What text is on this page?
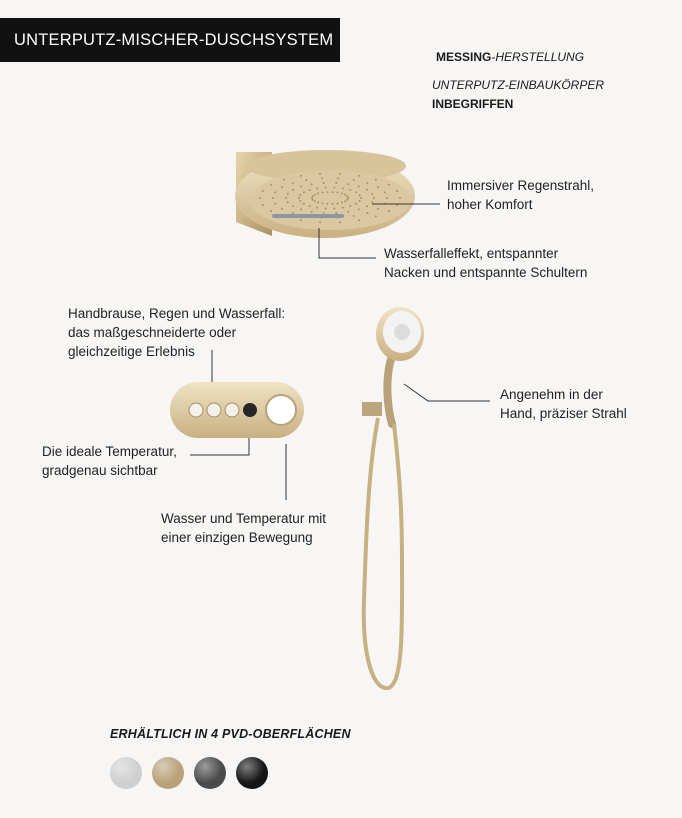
UNTERPUTZ-MISCHER-DUSCHSYSTEM
MESSING-HERSTELLUNG
UNTERPUTZ-EINBAUKÖRPER
INBEGRIFFEN
Immersiver Regenstrahl,
hoher Komfort
Wasserfalleffekt, entspannter
Nacken und entspannte Schultern
Handbrause, Regen und Wasserfall:
das maßgeschneiderte oder
gleichzeitige Erlebnis
Die ideale Temperatur,
gradgenau sichtbar
Wasser und Temperatur mit
einer einzigen Bewegung
Angenehm in der
Hand, präziser Strahl
ERHÄLTLICH IN 4 PVD-OBERFLÄCHEN
